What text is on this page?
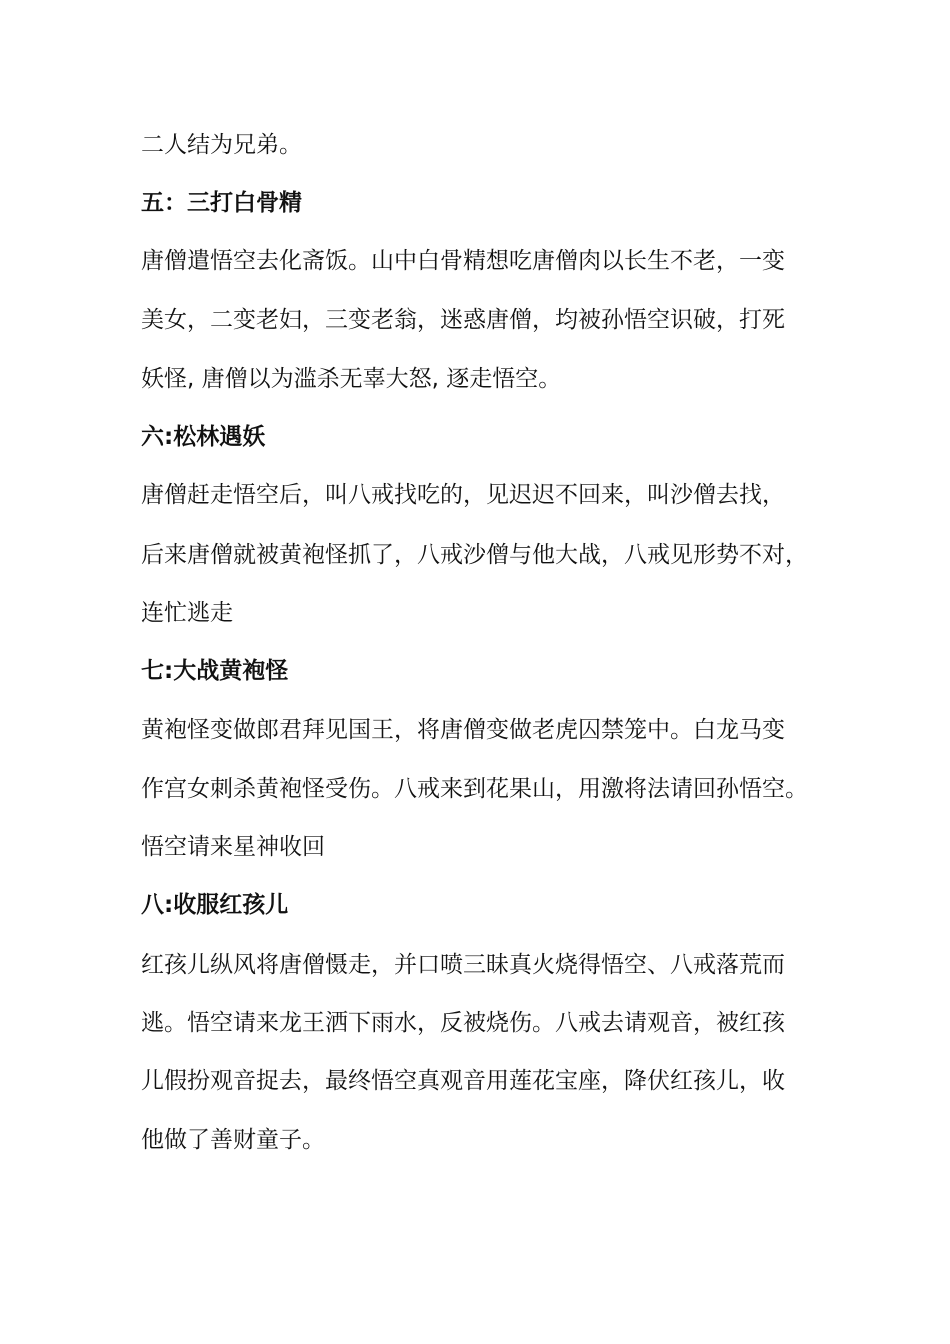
二人结为兄弟。
五：三打白骨精
唐僧遣悟空去化斋饭。山中白骨精想吃唐僧肉以长生不老，一变
美女，二变老妇，三变老翁，迷惑唐僧，均被孙悟空识破，打死
妖怪, 唐僧以为滥杀无辜大怒, 逐走悟空。
六:松林遇妖
唐僧赶走悟空后，叫八戒找吃的，见迟迟不回来，叫沙僧去找，
后来唐僧就被黄袍怪抓了，八戒沙僧与他大战，八戒见形势不对，
连忙逃走
七:大战黄袍怪
黄袍怪变做郎君拜见国王，将唐僧变做老虎囚禁笼中。白龙马变
作宫女刺杀黄袍怪受伤。八戒来到花果山，用激将法请回孙悟空。
悟空请来星神收回
八:收服红孩儿
红孩儿纵风将唐僧慑走，并口喷三昧真火烧得悟空、八戒落荒而
逃。悟空请来龙王洒下雨水，反被烧伤。八戒去请观音，被红孩
儿假扮观音捉去，最终悟空真观音用莲花宝座，降伏红孩儿，收
他做了善财童子。
